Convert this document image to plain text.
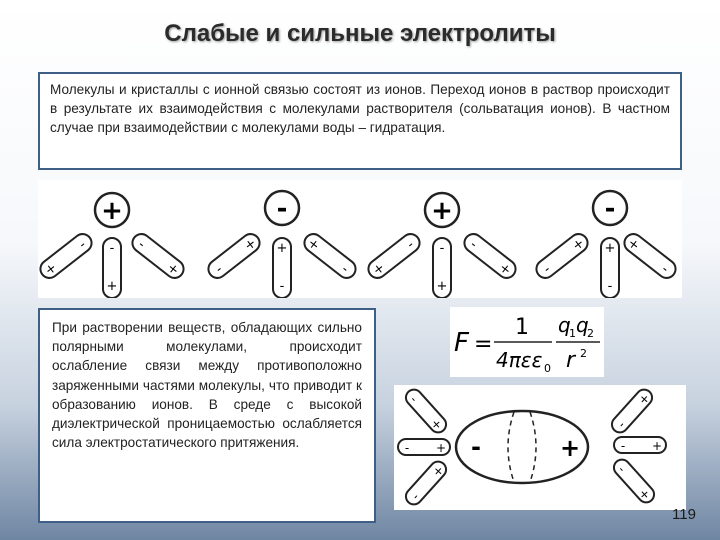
Слабые и сильные электролиты
Молекулы и кристаллы с ионной связью состоят из ионов. Переход ионов в раствор происходит в результате их взаимодействия с молекулами растворителя (сольватация ионов). В частном случае при взаимодействии с молекулами воды – гидратация.
+
+
- -
+
-
+
-
-
+ +
-
+
-
+
+
- -
+
-
+
-
-
+ +
-
+
-
При растворении веществ, обладающих сильно полярными молекулами, происходит ослабление связи между противоположно заряженными частями молекулы, что приводит к образованию ионов. В среде с высокой диэлектрической проницаемостью ослабляется сила электростатического притяжения.
F =
1
4πεε 0
q
1 q
2
r 2
-	+
-
+
- +
-
+
-
+
- +
-
+
119
